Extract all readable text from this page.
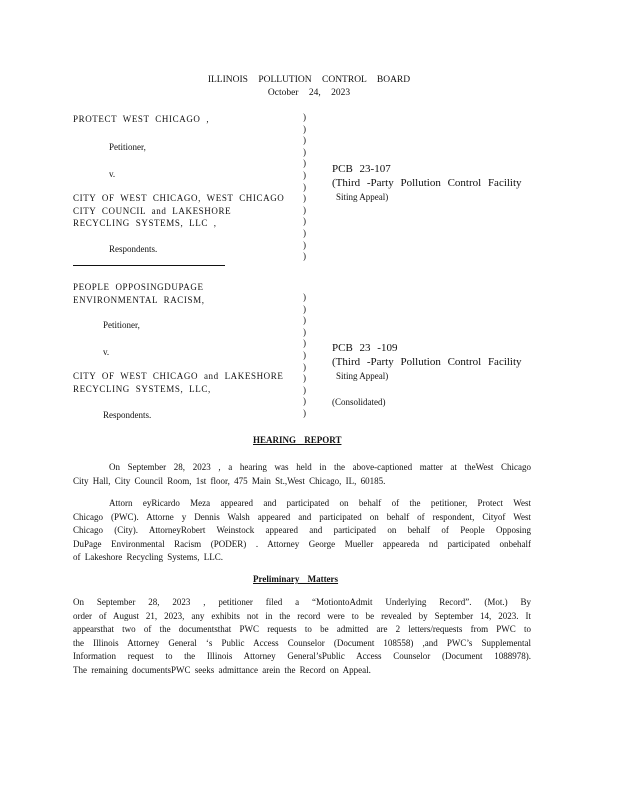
ILLINOIS POLLUTION CONTROL BOARD
October 24, 2023
PROTECT WEST CHICAGO ,
Petitioner,
v.
CITY OF WEST CHICAGO, WEST CHICAGO
CITY COUNCIL and LAKESHORE
RECYCLING SYSTEMS, LLC ,
Respondents.
)
)
)
)
)
)
)
)
)
)
)
)
)
PCB 23-107
(Third -Party Pollution Control Facility
Siting Appeal)
PEOPLE OPPOSINGDUPAGE
ENVIRONMENTAL RACISM,
Petitioner,
v.
CITY OF WEST CHICAGO and LAKESHORE
RECYCLING SYSTEMS, LLC,
Respondents.
)
)
)
)
)
)
)
)
)
)
)
PCB 23 -109
(Third -Party Pollution Control Facility
Siting Appeal)
(Consolidated)
HEARING REPORT
On September 28, 2023 , a hearing was held in the above-captioned matter at theWest Chicago
City Hall, City Council Room, 1st floor, 475 Main St.,West Chicago, IL, 60185.
Attorn eyRicardo Meza appeared and participated on behalf of the petitioner, Protect West
Chicago (PWC). Attorne y Dennis Walsh appeared and participated on behalf of respondent, Cityof West
Chicago (City). AttorneyRobert Weinstock appeared and participated on behalf of People Opposing
DuPage Environmental Racism (PODER) . Attorney George Mueller appeareda nd participated onbehalf
of Lakeshore Recycling Systems, LLC.
Preliminary Matters
On September 28, 2023 , petitioner filed a “MotiontoAdmit Underlying Record”. (Mot.) By
order of August 21, 2023, any exhibits not in the record were to be revealed by September 14, 2023. It
appearsthat two of the documentsthat PWC requests to be admitted are 2 letters/requests from PWC to
the Illinois Attorney General ‘s Public Access Counselor (Document 108558) ,and PWC’s Supplemental
Information request to the Illinois Attorney General’sPublic Access Counselor (Document 1088978).
The remaining documentsPWC seeks admittance arein the Record on Appeal.
